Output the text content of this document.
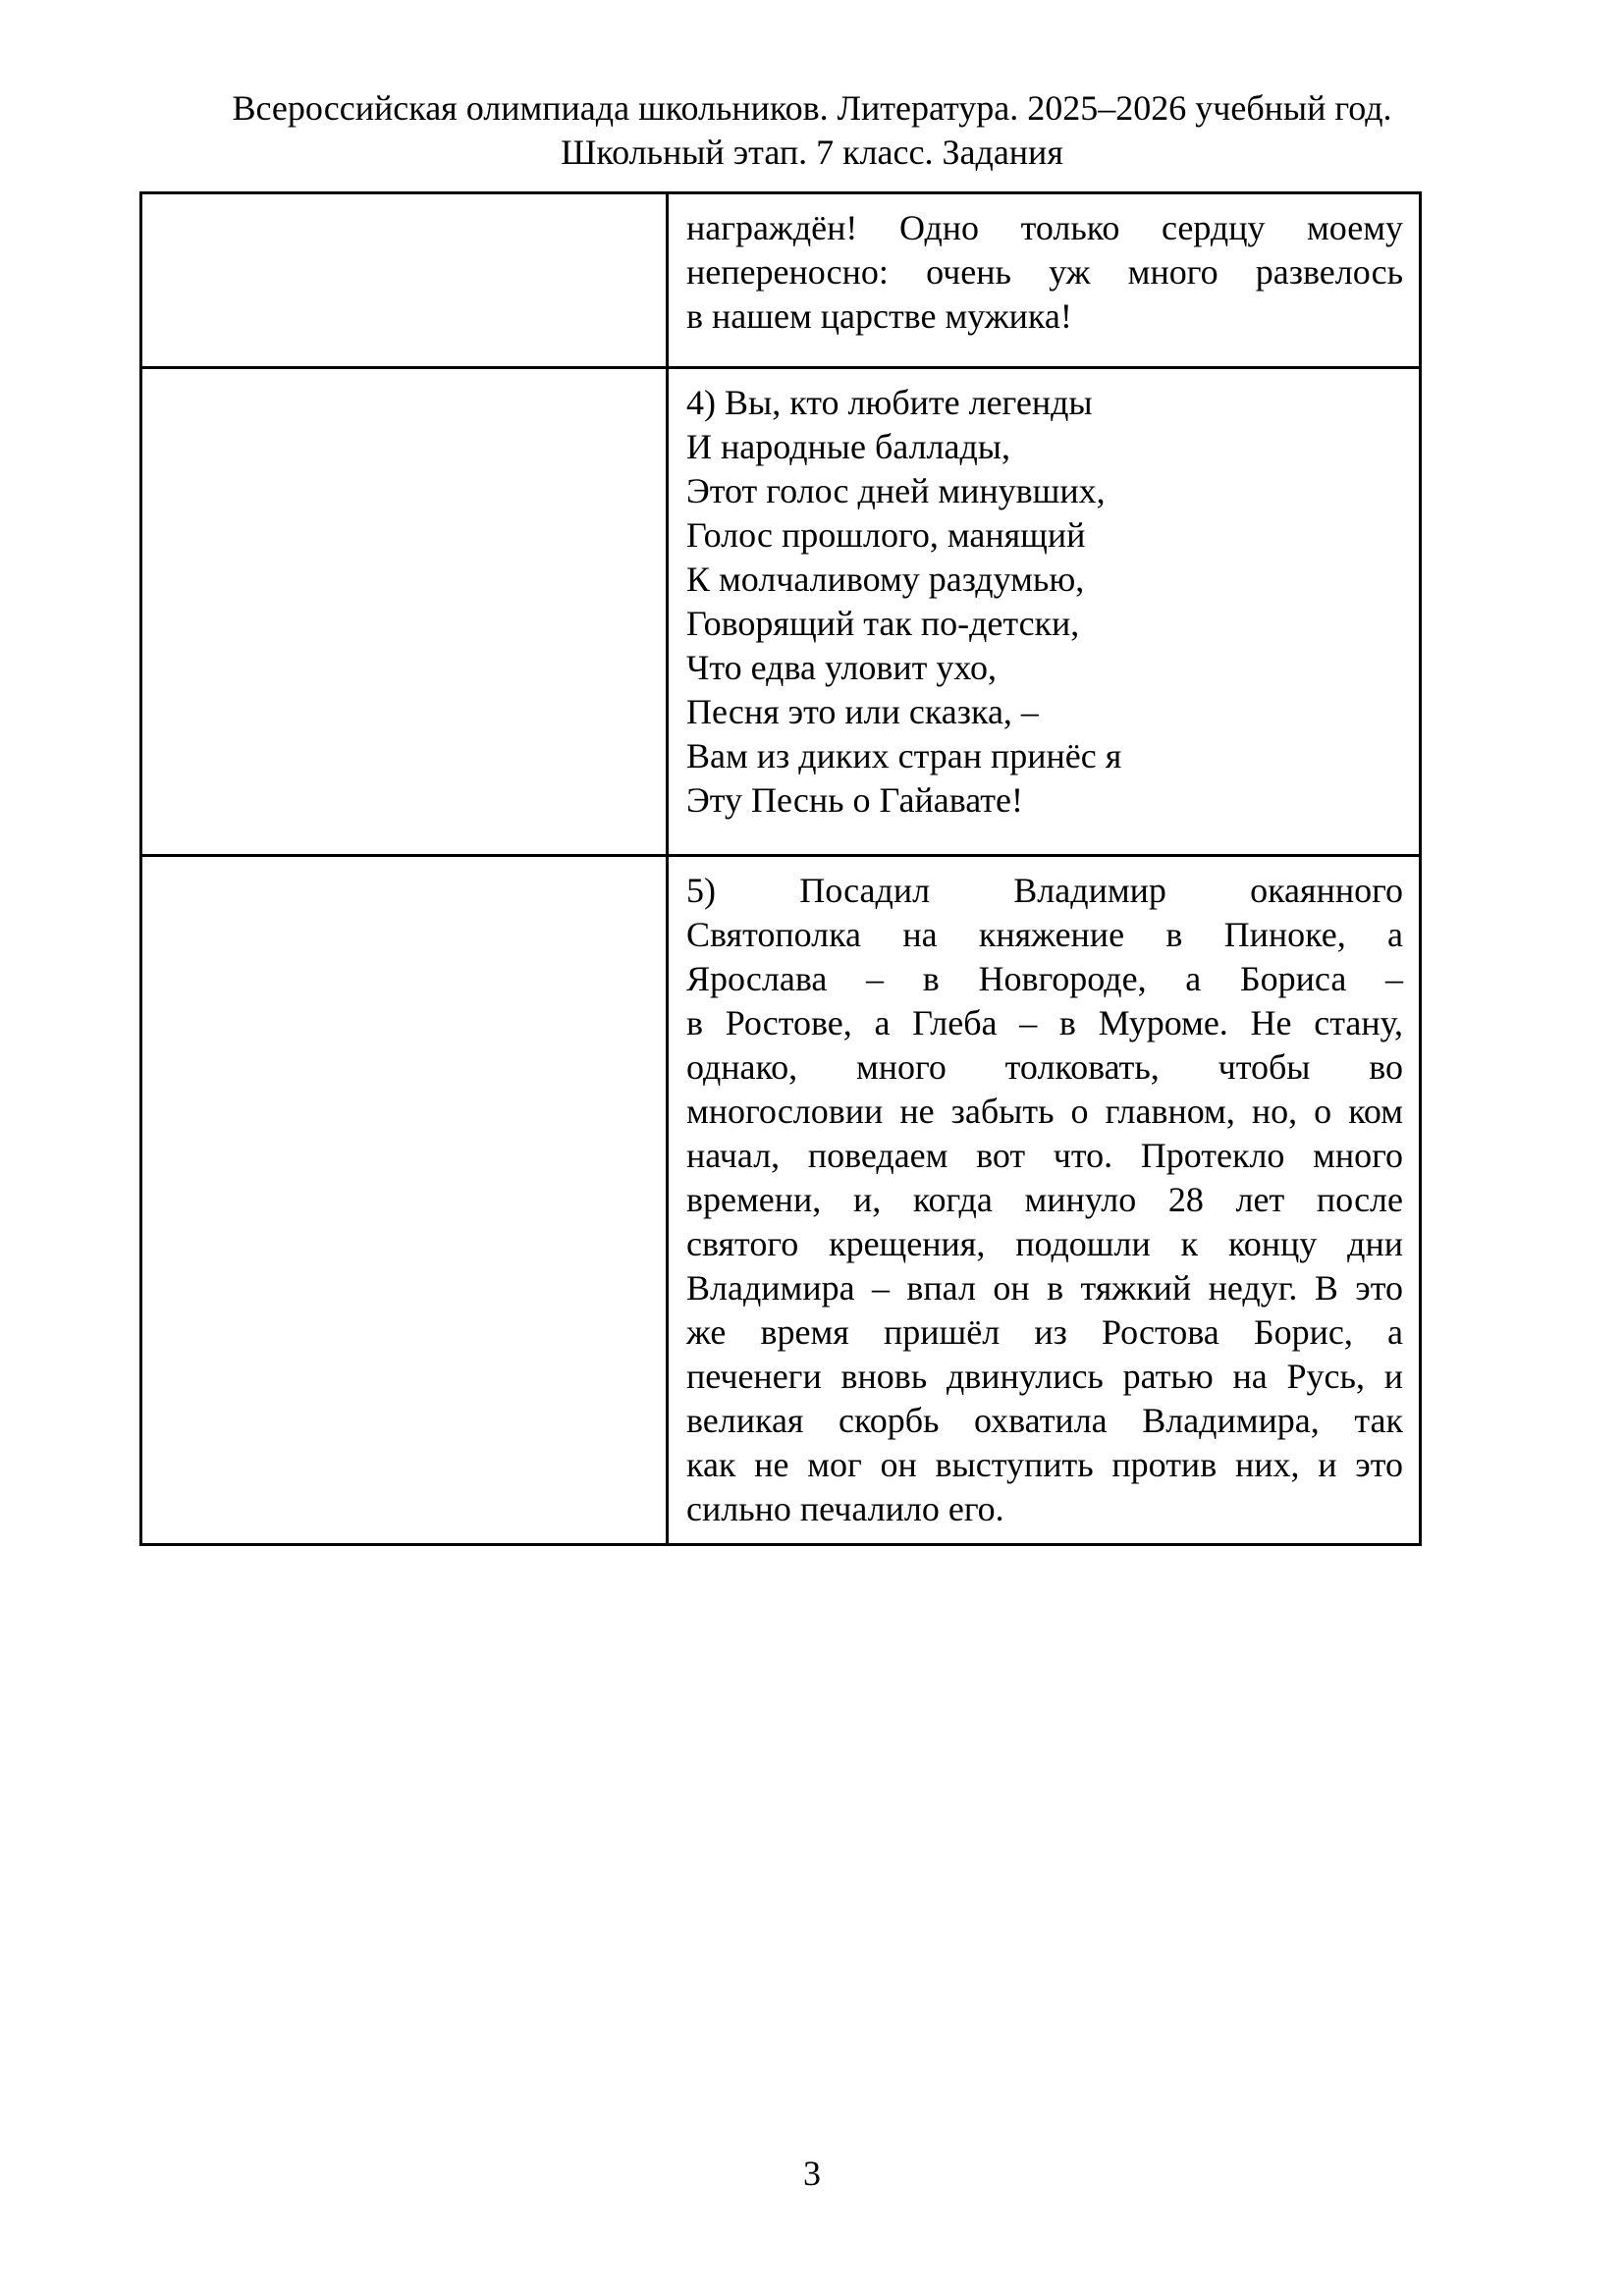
Всероссийская олимпиада школьников. Литература. 2025–2026 учебный год.
Школьный этап. 7 класс. Задания

	награждён! Одно только сердцу моему
непереносно: очень уж много развелось
в нашем царстве мужика!

4) Вы, кто любите легенды
И народные баллады,
Этот голос дней минувших,
Голос прошлого, манящий
К молчаливому раздумью,
Говорящий так по-детски,
Что едва уловит ухо,
Песня это или сказка, –
Вам из диких стран принёс я
Эту Песнь о Гайавате!

5) Посадил Владимир окаянного
Святополка на княжение в Пиноке, а
Ярослава – в Новгороде, а Бориса –
в Ростове, а Глеба – в Муроме. Не стану,
однако, много толковать, чтобы во
многословии не забыть о главном, но, о ком
начал, поведаем вот что. Протекло много
времени, и, когда минуло 28 лет после
святого крещения, подошли к концу дни
Владимира – впал он в тяжкий недуг. В это
же время пришёл из Ростова Борис, а
печенеги вновь двинулись ратью на Русь, и
великая скорбь охватила Владимира, так
как не мог он выступить против них, и это
сильно печалило его.
3
